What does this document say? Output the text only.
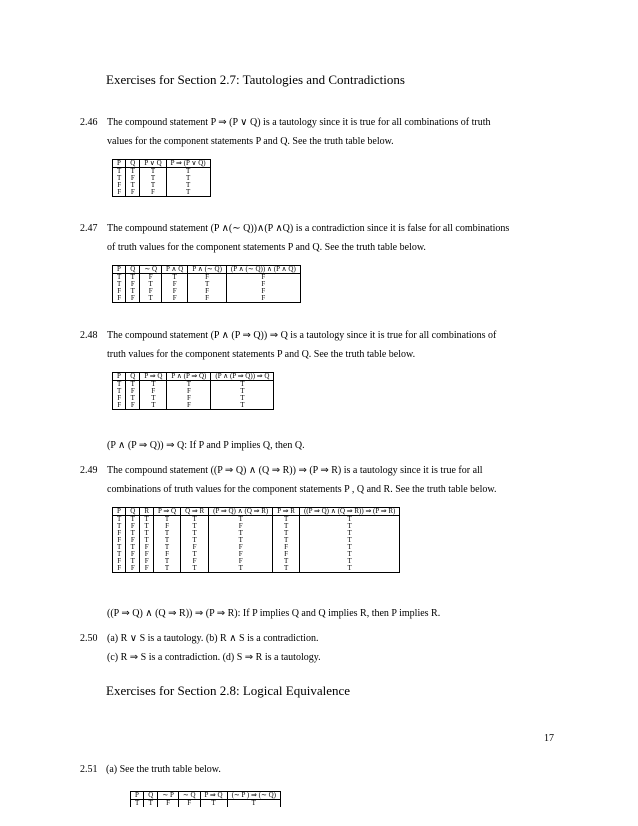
Exercises for Section 2.7: Tautologies and Contradictions
2.46 The compound statement P ⇒ (P ∨ Q) is a tautology since it is true for all combinations of truth
values for the component statements P and Q. See the truth table below.
P	Q	P ∨ Q	P ⇒ (P ∨ Q)
T	T	T	T
T	F	T	T
F	T	T	T
F	F	F	T
2.47 The compound statement (P ∧(∼ Q))∧(P ∧Q) is a contradiction since it is false for all combinations
of truth values for the component statements P and Q. See the truth table below.
P	Q	∼ Q	P ∧ Q	P ∧ (∼ Q)	(P ∧ (∼ Q)) ∧ (P ∧ Q)
T	T	F	T	F	F
T	F	T	F	T	F
F	T	F	F	F	F
F	F	T	F	F	F
2.48 The compound statement (P ∧ (P ⇒ Q)) ⇒ Q is a tautology since it is true for all combinations of
truth values for the component statements P and Q. See the truth table below.
P	Q	P ⇒ Q	P ∧ (P ⇒ Q)	(P ∧ (P ⇒ Q)) ⇒ Q
T	T	T	T	T
T	F	F	F	T
F	T	T	F	T
F	F	T	F	T
(P ∧ (P ⇒ Q)) ⇒ Q: If P and P implies Q, then Q.
2.49 The compound statement ((P ⇒ Q) ∧ (Q ⇒ R)) ⇒ (P ⇒ R) is a tautology since it is true for all
combinations of truth values for the component statements P , Q and R. See the truth table below.
P	Q	R	P ⇒ Q	Q ⇒ R	(P ⇒ Q) ∧ (Q ⇒ R)	P ⇒ R	((P ⇒ Q) ∧ (Q ⇒ R)) ⇒ (P ⇒ R)
T	T	T	T	T	T	T	T
T	F	T	F	T	F	T	T
F	T	T	T	T	T	T	T
F	F	T	T	T	T	T	T
T	T	F	T	F	F	F	T
T	F	F	F	T	F	F	T
F	T	F	T	F	F	T	T
F	F	F	T	T	T	T	T
((P ⇒ Q) ∧ (Q ⇒ R)) ⇒ (P ⇒ R): If P implies Q and Q implies R, then P implies R.
2.50 (a) R ∨ S is a tautology. (b) R ∧ S is a contradiction.
(c) R ⇒ S is a contradiction. (d) S ⇒ R is a tautology.
Exercises for Section 2.8: Logical Equivalence
17
2.51 (a) See the truth table below.
P	Q	∼ P	∼ Q	P ⇒ Q	(∼ P ) ⇒ (∼ Q)
T	T	F	F	T	T
